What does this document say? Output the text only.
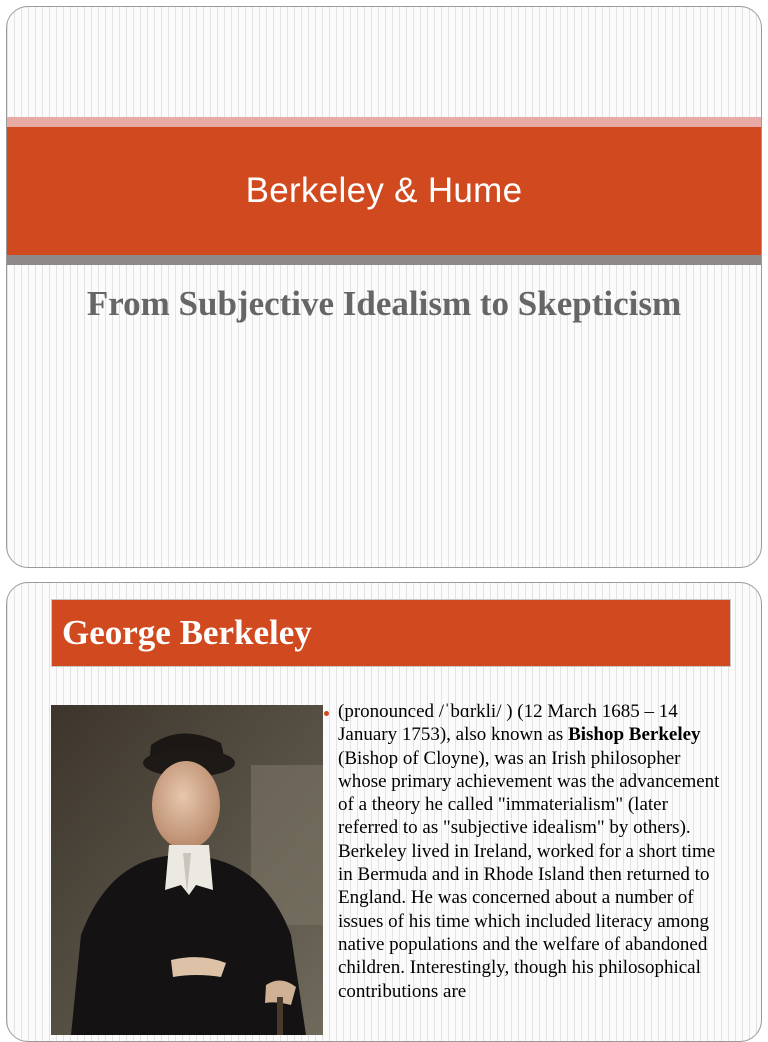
Berkeley & Hume
From Subjective Idealism to Skepticism
George Berkeley

(pronounced /ˈbɑrkli/ ) (12 March 1685 – 14 January 1753), also known as Bishop Berkeley (Bishop of Cloyne), was an Irish philosopher whose primary achievement was the advancement of a theory he called "immaterialism" (later referred to as "subjective idealism" by others). Berkeley lived in Ireland, worked for a short time in Bermuda and in Rhode Island then returned to England. He was concerned about a number of issues of his time which included literacy among native populations and the welfare of abandoned children. Interestingly, though his philosophical contributions are
